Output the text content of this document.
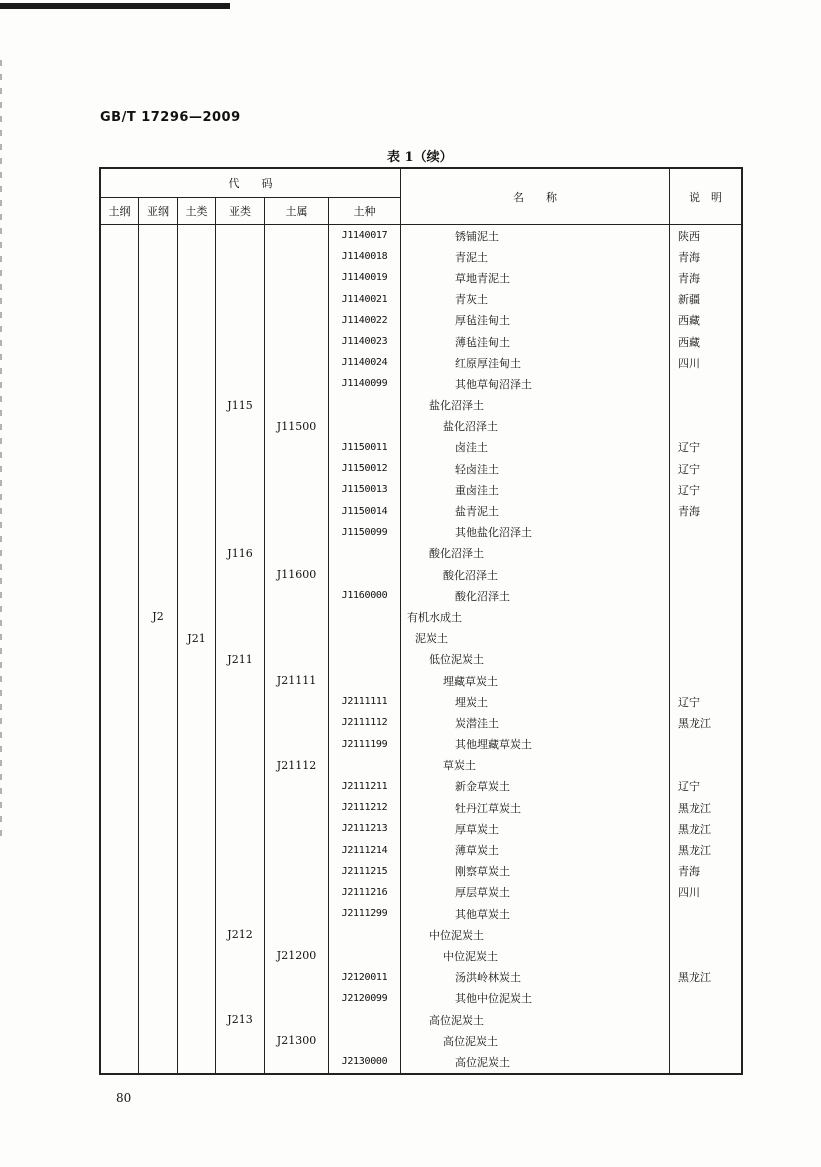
GB/T 17296—2009
表 1（续）
代　　码						名　　称	说　明
土纲	亚纲	土类	亚类	土属	土种		
					J1140017	锈铺泥土	陕西
					J1140018	青泥土	青海
					J1140019	草地青泥土	青海
					J1140021	青灰土	新疆
					J1140022	厚毡洼甸土	西藏
					J1140023	薄毡洼甸土	西藏
					J1140024	红原厚洼甸土	四川
					J1140099	其他草甸沼泽土	
			J115			盐化沼泽土	
				J11500		盐化沼泽土	
					J1150011	卤洼土	辽宁
					J1150012	轻卤洼土	辽宁
					J1150013	重卤洼土	辽宁
					J1150014	盐青泥土	青海
					J1150099	其他盐化沼泽土	
			J116			酸化沼泽土	
				J11600		酸化沼泽土	
					J1160000	酸化沼泽土	
	J2					有机水成土	
		J21				泥炭土	
			J211			低位泥炭土	
				J21111		埋藏草炭土	
					J2111111	埋炭土	辽宁
					J2111112	炭潜洼土	黑龙江
					J2111199	其他埋藏草炭土	
				J21112		草炭土	
					J2111211	新金草炭土	辽宁
					J2111212	牡丹江草炭土	黑龙江
					J2111213	厚草炭土	黑龙江
					J2111214	薄草炭土	黑龙江
					J2111215	刚察草炭土	青海
					J2111216	厚层草炭土	四川
					J2111299	其他草炭土	
			J212			中位泥炭土	
				J21200		中位泥炭土	
					J2120011	汤洪岭林炭土	黑龙江
					J2120099	其他中位泥炭土	
			J213			高位泥炭土	
				J21300		高位泥炭土	
					J2130000	高位泥炭土	
80
